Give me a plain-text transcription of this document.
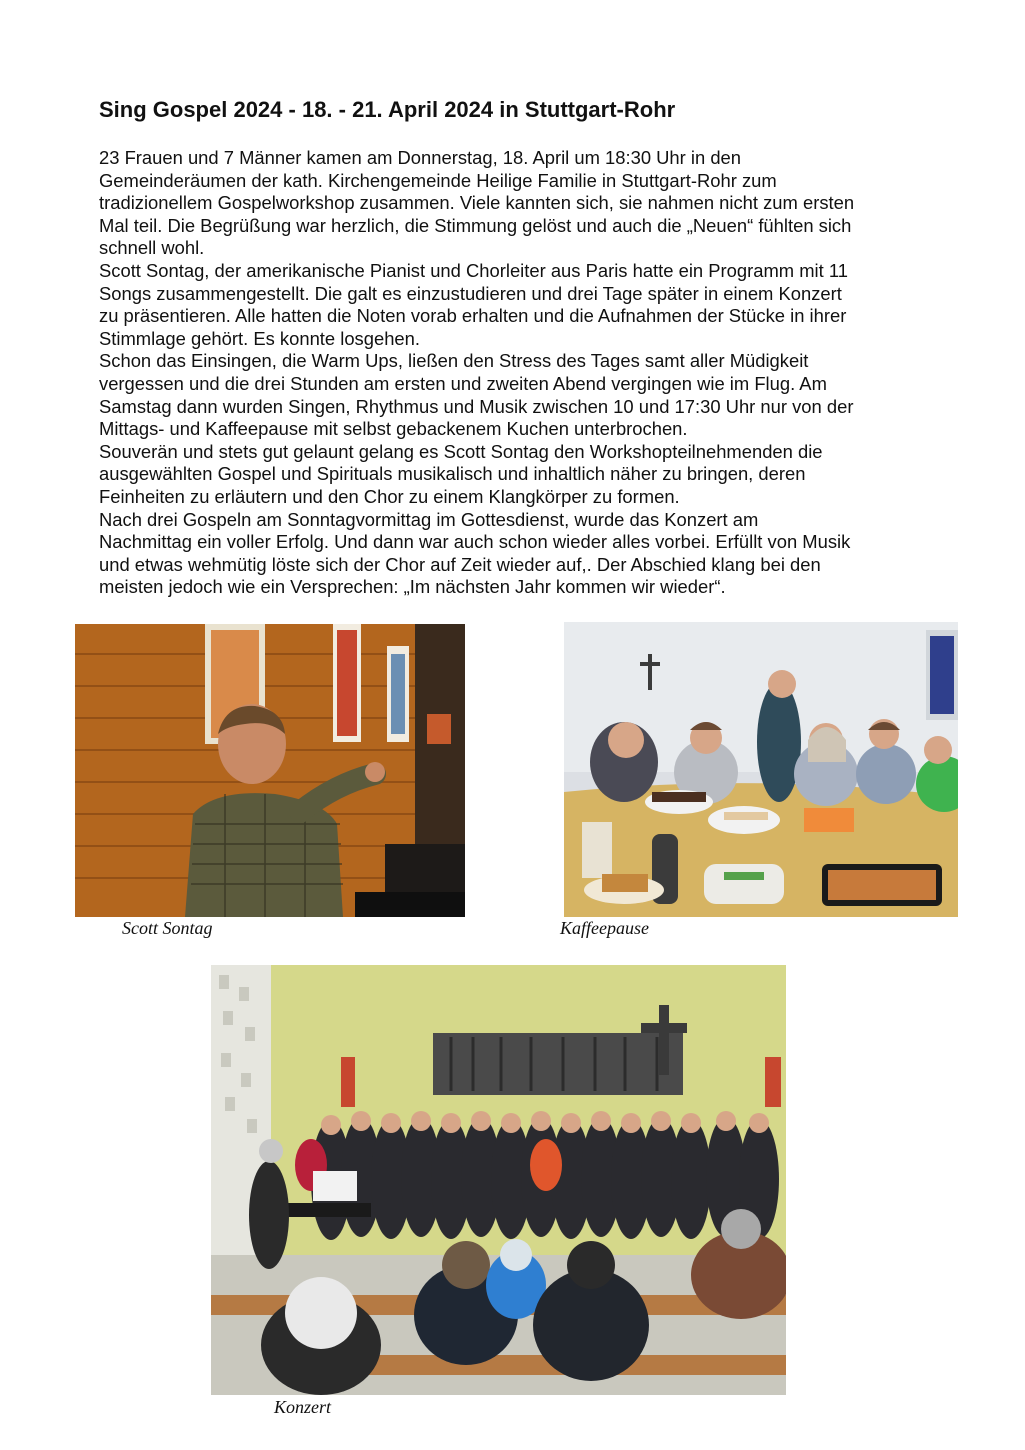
Sing Gospel 2024 - 18. - 21. April 2024 in Stuttgart-Rohr

23 Frauen und 7 Männer kamen am Donnerstag, 18. April um 18:30 Uhr in den

Gemeinderäumen der kath. Kirchengemeinde Heilige Familie in Stuttgart-Rohr zum

tradizionellem Gospelworkshop zusammen. Viele kannten sich, sie nahmen nicht zum ersten

Mal teil. Die Begrüßung war herzlich, die Stimmung gelöst und auch die „Neuen“ fühlten sich

schnell wohl.

Scott Sontag, der amerikanische Pianist und Chorleiter aus Paris hatte ein Programm mit 11

Songs zusammengestellt. Die galt es einzustudieren und drei Tage später in einem Konzert

zu präsentieren. Alle hatten die Noten vorab erhalten und die Aufnahmen der Stücke in ihrer

Stimmlage gehört. Es konnte losgehen.

Schon das Einsingen, die Warm Ups, ließen den Stress des Tages samt aller Müdigkeit

vergessen und die drei Stunden am ersten und zweiten Abend vergingen wie im Flug. Am

Samstag dann wurden Singen, Rhythmus und Musik zwischen 10 und 17:30 Uhr nur von der

Mittags- und Kaffeepause mit selbst gebackenem Kuchen unterbrochen.

Souverän und stets gut gelaunt gelang es Scott Sontag den Workshopteilnehmenden die

ausgewählten Gospel und Spirituals musikalisch und inhaltlich näher zu bringen, deren

Feinheiten zu erläutern und den Chor zu einem Klangkörper zu formen.

Nach drei Gospeln am Sonntagvormittag im Gottesdienst, wurde das Konzert am

Nachmittag ein voller Erfolg. Und dann war auch schon wieder alles vorbei. Erfüllt von Musik

und etwas wehmütig löste sich der Chor auf Zeit wieder auf,. Der Abschied klang bei den

meisten jedoch wie ein Versprechen: „Im nächsten Jahr kommen wir wieder“.

Scott Sontag	Kaffeepause
Konzert
